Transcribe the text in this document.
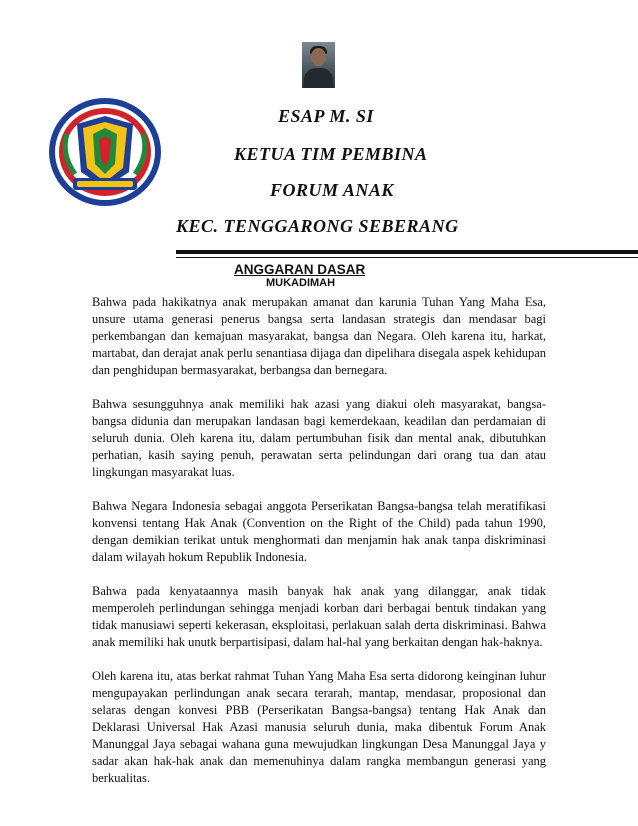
ESAP M. SI
KETUA TIM PEMBINA
FORUM ANAK
KEC. TENGGARONG SEBERANG
ANGGARAN DASAR
MUKADIMAH

Bahwa pada hakikatnya anak merupakan amanat dan karunia Tuhan Yang Maha Esa, unsure utama generasi penerus bangsa serta landasan strategis dan mendasar bagi perkembangan dan kemajuan masyarakat, bangsa dan Negara. Oleh karena itu, harkat, martabat, dan derajat anak perlu senantiasa dijaga dan dipelihara disegala aspek kehidupan dan penghidupan bermasyarakat, berbangsa dan bernegara.

Bahwa sesungguhnya anak memiliki hak azasi yang diakui oleh masyarakat, bangsa-bangsa didunia dan merupakan landasan bagi kemerdekaan, keadilan dan perdamaian di seluruh dunia. Oleh karena itu, dalam pertumbuhan fisik dan mental anak, dibutuhkan perhatian, kasih saying penuh, perawatan serta pelindungan dari orang tua dan atau lingkungan masyarakat luas.

Bahwa Negara Indonesia sebagai anggota Perserikatan Bangsa-bangsa telah meratifikasi konvensi tentang Hak Anak (Convention on the Right of the Child) pada tahun 1990, dengan demikian terikat untuk menghormati dan menjamin hak anak tanpa diskriminasi dalam wilayah hokum Republik Indonesia.

Bahwa pada kenyataannya masih banyak hak anak yang dilanggar, anak tidak memperoleh perlindungan sehingga menjadi korban dari berbagai bentuk tindakan yang tidak manusiawi seperti kekerasan, eksploitasi, perlakuan salah derta diskriminasi. Bahwa anak memiliki hak unutk berpartisipasi, dalam hal-hal yang berkaitan dengan hak-haknya.

Oleh karena itu, atas berkat rahmat Tuhan Yang Maha Esa serta didorong keinginan luhur mengupayakan perlindungan anak secara terarah, mantap, mendasar, proposional dan selaras dengan konvesi PBB (Perserikatan Bangsa-bangsa) tentang Hak Anak dan Deklarasi Universal Hak Azasi manusia seluruh dunia, maka dibentuk Forum Anak Manunggal Jaya sebagai wahana guna mewujudkan lingkungan Desa Manunggal Jaya y sadar akan hak-hak anak dan memenuhinya dalam rangka membangun generasi yang berkualitas.
